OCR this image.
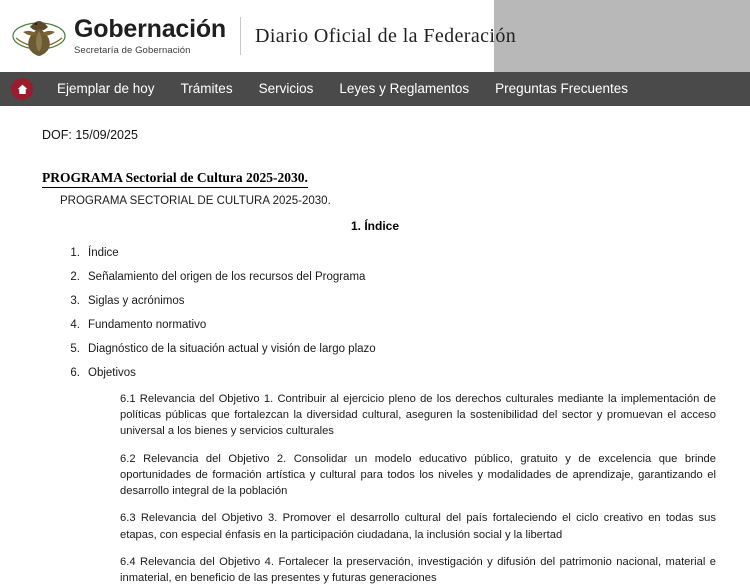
Gobernación
Secretaría de Gobernación
Diario Oficial de la Federación
Ejemplar de hoy	Trámites	Servicios	Leyes y Reglamentos	Preguntas Frecuentes
DOF: 15/09/2025
PROGRAMA Sectorial de Cultura 2025-2030.
PROGRAMA SECTORIAL DE CULTURA 2025-2030.
1. Índice
1. Índice
2. Señalamiento del origen de los recursos del Programa
3. Siglas y acrónimos
4. Fundamento normativo
5. Diagnóstico de la situación actual y visión de largo plazo
6. Objetivos
6.1 Relevancia del Objetivo 1. Contribuir al ejercicio pleno de los derechos culturales mediante la implementación de políticas públicas que fortalezcan la diversidad cultural, aseguren la sostenibilidad del sector y promuevan el acceso universal a los bienes y servicios culturales
6.2 Relevancia del Objetivo 2. Consolidar un modelo educativo público, gratuito y de excelencia que brinde oportunidades de formación artística y cultural para todos los niveles y modalidades de aprendizaje, garantizando el desarrollo integral de la población
6.3 Relevancia del Objetivo 3. Promover el desarrollo cultural del país fortaleciendo el ciclo creativo en todas sus etapas, con especial énfasis en la participación ciudadana, la inclusión social y la libertad
6.4 Relevancia del Objetivo 4. Fortalecer la preservación, investigación y difusión del patrimonio nacional, material e inmaterial, en beneficio de las presentes y futuras generaciones
